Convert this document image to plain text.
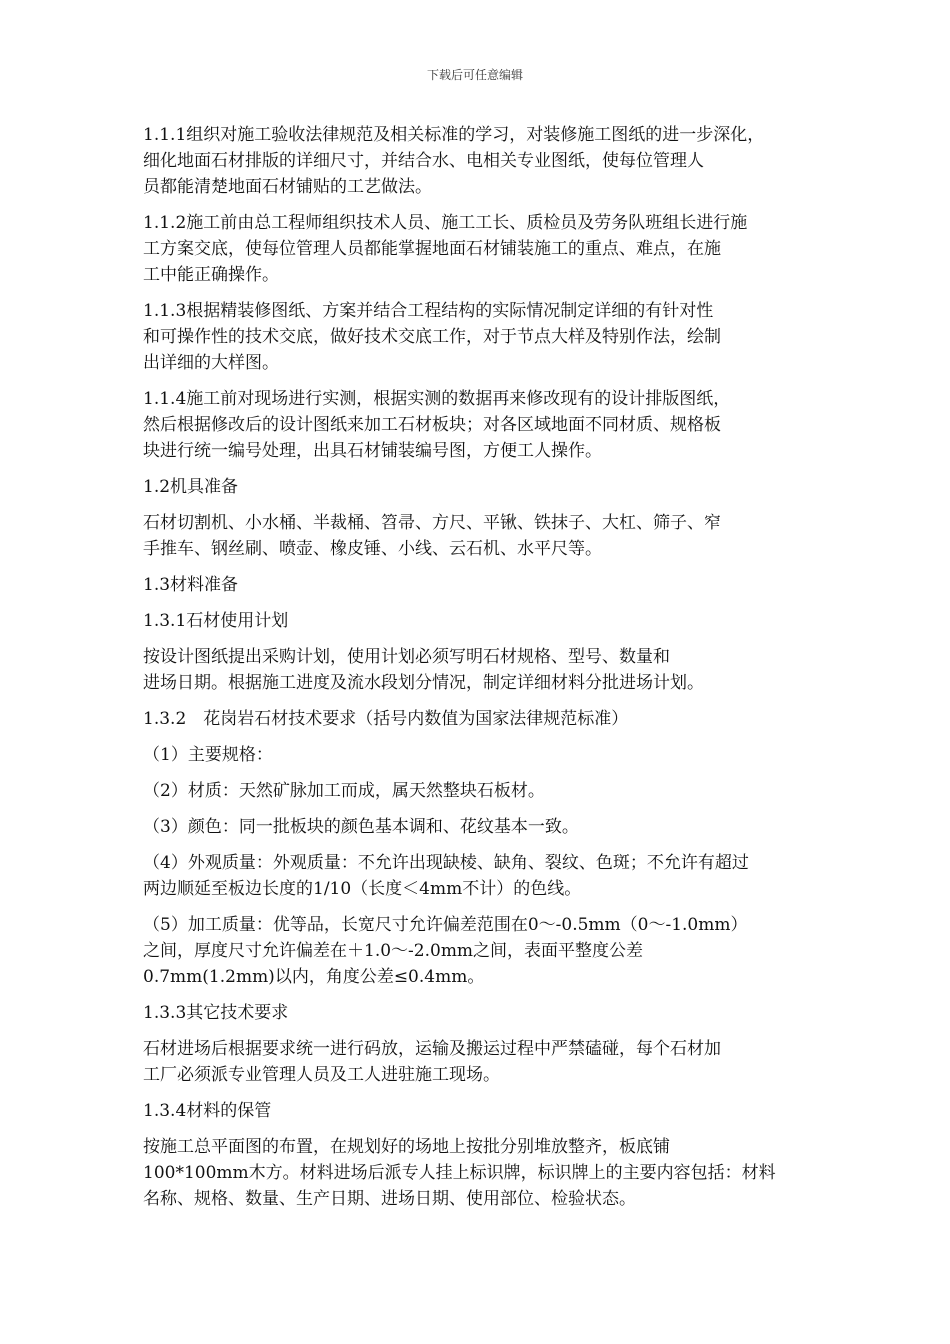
下载后可任意编辑
1.1.1组织对施工验收法律规范及相关标准的学习，对装修施工图纸的进一步深化，
细化地面石材排版的详细尺寸，并结合水、电相关专业图纸，使每位管理人
员都能清楚地面石材铺贴的工艺做法。
1.1.2施工前由总工程师组织技术人员、施工工长、质检员及劳务队班组长进行施
工方案交底，使每位管理人员都能掌握地面石材铺装施工的重点、难点，在施
工中能正确操作。
1.1.3根据精装修图纸、方案并结合工程结构的实际情况制定详细的有针对性
和可操作性的技术交底，做好技术交底工作，对于节点大样及特别作法，绘制
出详细的大样图。
1.1.4施工前对现场进行实测，根据实测的数据再来修改现有的设计排版图纸，
然后根据修改后的设计图纸来加工石材板块；对各区域地面不同材质、规格板
块进行统一编号处理，出具石材铺装编号图，方便工人操作。
1.2机具准备
石材切割机、小水桶、半裁桶、笤帚、方尺、平锹、铁抹子、大杠、筛子、窄
手推车、钢丝刷、喷壶、橡皮锤、小线、云石机、水平尺等。
1.3材料准备
1.3.1石材使用计划
按设计图纸提出采购计划，使用计划必须写明石材规格、型号、数量和
进场日期。根据施工进度及流水段划分情况，制定详细材料分批进场计划。
1.3.2　花岗岩石材技术要求（括号内数值为国家法律规范标准）
（1）主要规格：
（2）材质：天然矿脉加工而成，属天然整块石板材。
（3）颜色：同一批板块的颜色基本调和、花纹基本一致。
（4）外观质量：外观质量：不允许出现缺棱、缺角、裂纹、色斑；不允许有超过
两边顺延至板边长度的1/10（长度＜4mm不计）的色线。
（5）加工质量：优等品，长宽尺寸允许偏差范围在0～-0.5mm（0～-1.0mm）
之间，厚度尺寸允许偏差在＋1.0～-2.0mm之间，表面平整度公差
0.7mm(1.2mm)以内，角度公差≤0.4mm。
1.3.3其它技术要求
石材进场后根据要求统一进行码放，运输及搬运过程中严禁磕碰，每个石材加
工厂必须派专业管理人员及工人进驻施工现场。
1.3.4材料的保管
按施工总平面图的布置，在规划好的场地上按批分别堆放整齐，板底铺
100*100mm木方。材料进场后派专人挂上标识牌，标识牌上的主要内容包括：材料
名称、规格、数量、生产日期、进场日期、使用部位、检验状态。
